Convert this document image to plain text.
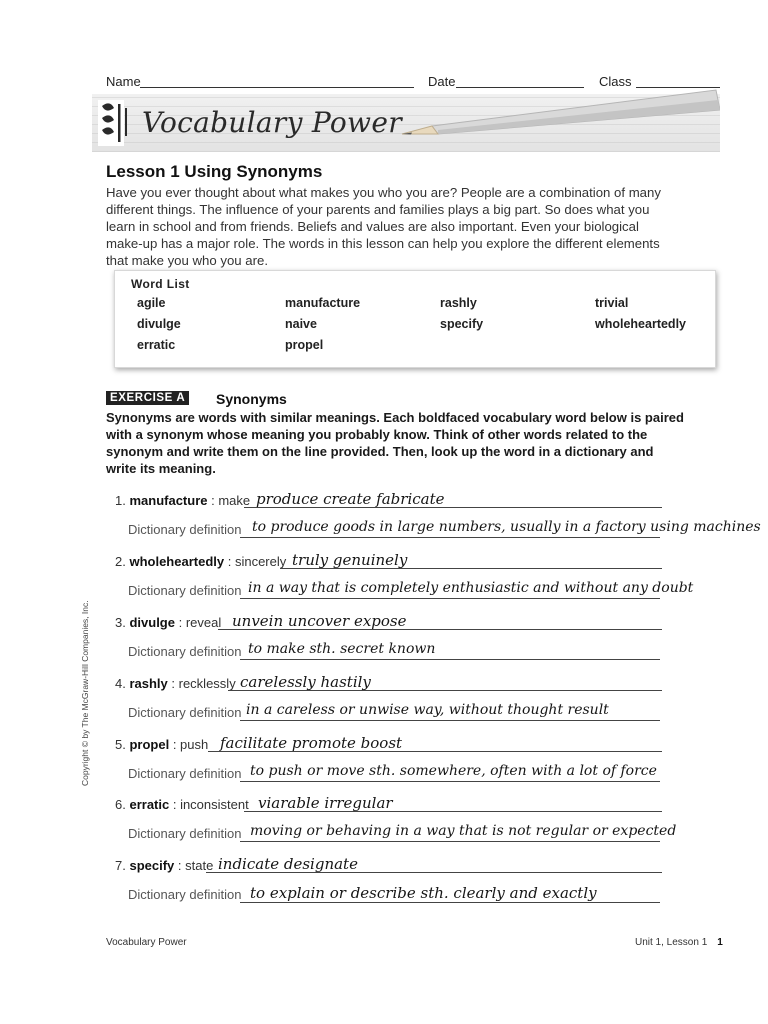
Name	Date	Class
Vocabulary Power
Lesson 1 Using Synonyms
Have you ever thought about what makes you who you are? People are a combination of many different things. The influence of your parents and families plays a big part. So does what you learn in school and from friends. Beliefs and values are also important. Even your biological make-up has a major role. The words in this lesson can help you explore the different elements that make you who you are.
Word List
agile	manufacture	rashly	trivial
divulge	naive	specify	wholeheartedly
erratic	propel
EXERCISE A Synonyms
Synonyms are words with similar meanings. Each boldfaced vocabulary word below is paired with a synonym whose meaning you probably know. Think of other words related to the synonym and write them on the line provided. Then, look up the word in a dictionary and write its meaning.
1. manufacture : make produce create fabricate
Dictionary definition to produce goods in large numbers, usually in a factory using machines
2. wholeheartedly : sincerely truly genuinely
Dictionary definition in a way that is completely enthusiastic and without any doubt
3. divulge : reveal unvein uncover expose
Dictionary definition to make sth. secret known
4. rashly : recklessly carelessly hastily
Dictionary definition in a careless or unwise way, without thought result
5. propel : push facilitate promote boost
Dictionary definition to push or move sth. somewhere, often with a lot of force
6. erratic : inconsistent viarable irregular
Dictionary definition moving or behaving in a way that is not regular or expected
7. specify : state indicate designate
Dictionary definition to explain or describe sth. clearly and exactly
Copyright © by The McGraw-Hill Companies, Inc.
Vocabulary Power	Unit 1, Lesson 1 1
